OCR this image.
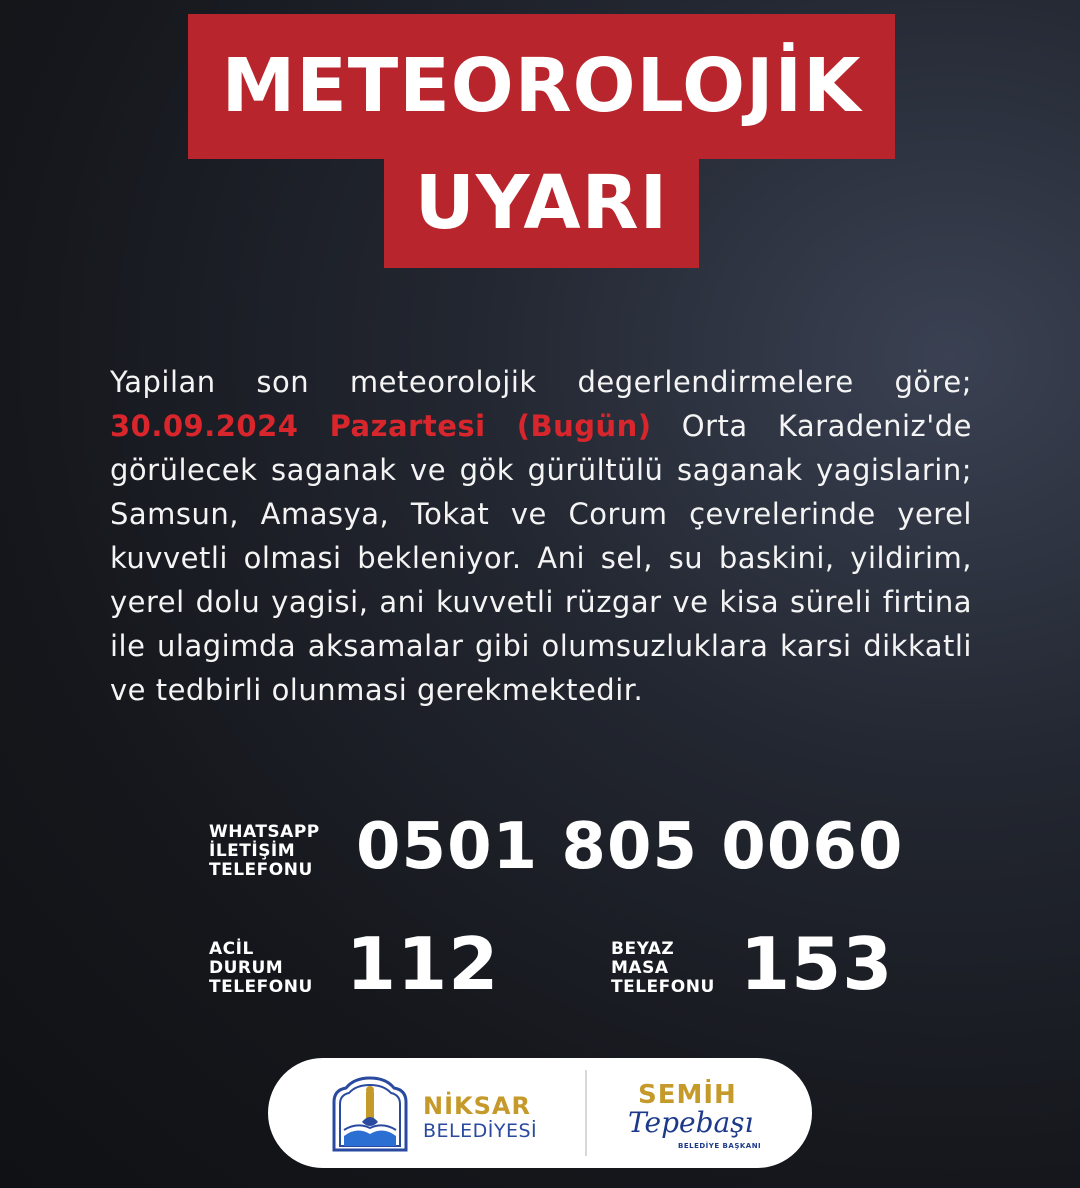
METEOROLOJİK
UYARI
Yapilan son meteorolojik degerlendirmelere göre; 30.09.2024 Pazartesi (Bugün) Orta Karadeniz'de görülecek saganak ve gök gürültülü saganak yagislarin; Samsun, Amasya, Tokat ve Corum çevrelerinde yerel kuvvetli olmasi bekleniyor. Ani sel, su baskini, yildirim, yerel dolu yagisi, ani kuvvetli rüzgar ve kisa süreli firtina ile ulagimda aksamalar gibi olumsuzluklara karsi dikkatli ve tedbirli olunmasi gerekmektedir.
WHATSAPP
İLETİŞİM
TELEFONU 0501 805 0060
ACİL
DURUM
TELEFONU 112	BEYAZ
MASA
TELEFONU 153
NİKSAR
BELEDİYESİ
SEMİH
Tepebaşı
BELEDİYE BAŞKANI
